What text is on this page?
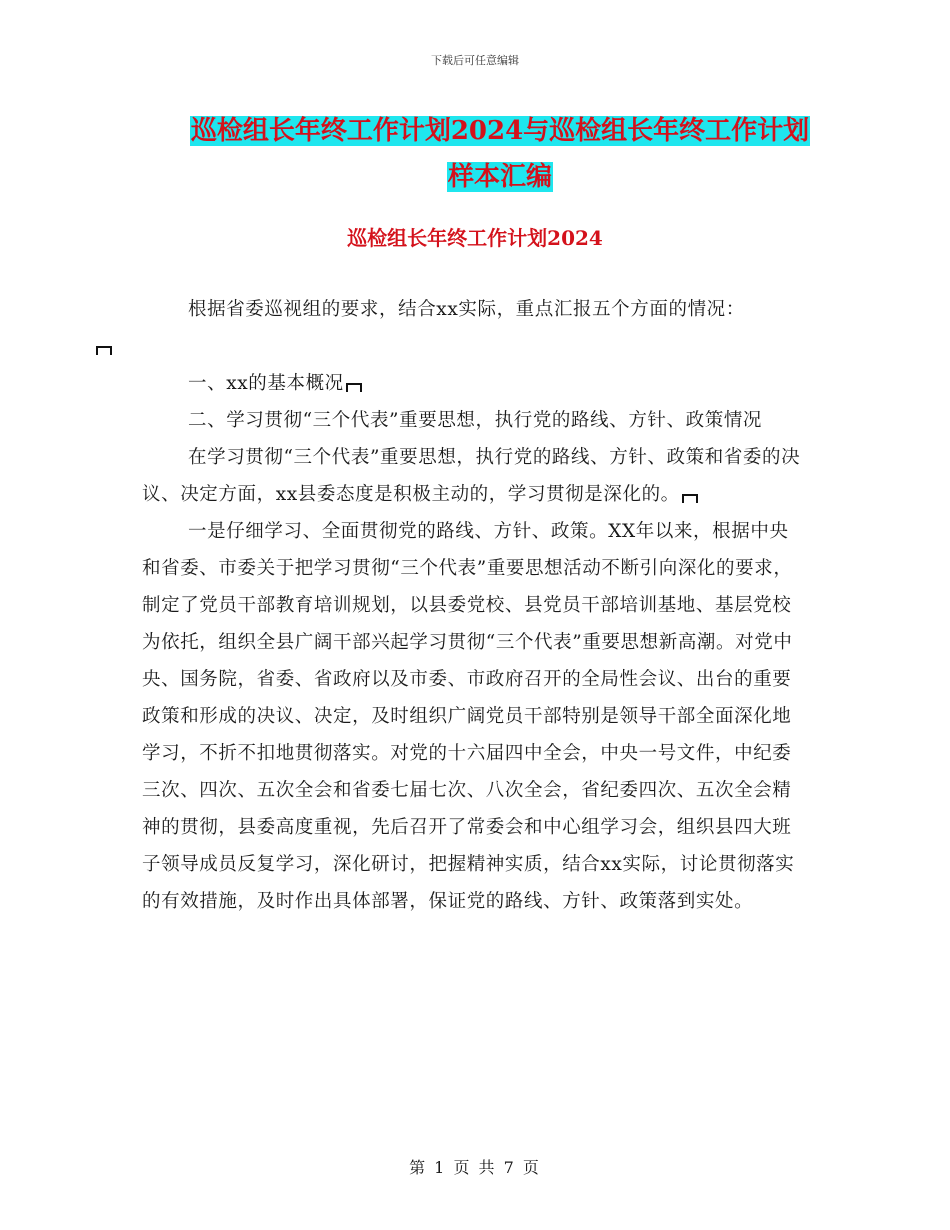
下载后可任意编辑
巡检组长年终工作计划2024与巡检组长年终工作计划
样本汇编
巡检组长年终工作计划2024

根据省委巡视组的要求，结合xx实际，重点汇报五个方面的情况：

一、xx的基本概况

二、学习贯彻“三个代表”重要思想，执行党的路线、方针、政策情况

在学习贯彻“三个代表”重要思想，执行党的路线、方针、政策和省委的决议、决定方面，xx县委态度是积极主动的，学习贯彻是深化的。

一是仔细学习、全面贯彻党的路线、方针、政策。XX年以来，根据中央和省委、市委关于把学习贯彻“三个代表”重要思想活动不断引向深化的要求，制定了党员干部教育培训规划，以县委党校、县党员干部培训基地、基层党校为依托，组织全县广阔干部兴起学习贯彻“三个代表”重要思想新高潮。对党中央、国务院，省委、省政府以及市委、市政府召开的全局性会议、出台的重要政策和形成的决议、决定，及时组织广阔党员干部特别是领导干部全面深化地学习，不折不扣地贯彻落实。对党的十六届四中全会，中央一号文件，中纪委三次、四次、五次全会和省委七届七次、八次全会，省纪委四次、五次全会精神的贯彻，县委高度重视，先后召开了常委会和中心组学习会，组织县四大班子领导成员反复学习，深化研讨，把握精神实质，结合xx实际，讨论贯彻落实的有效措施，及时作出具体部署，保证党的路线、方针、政策落到实处。

第 1 页 共 7 页
